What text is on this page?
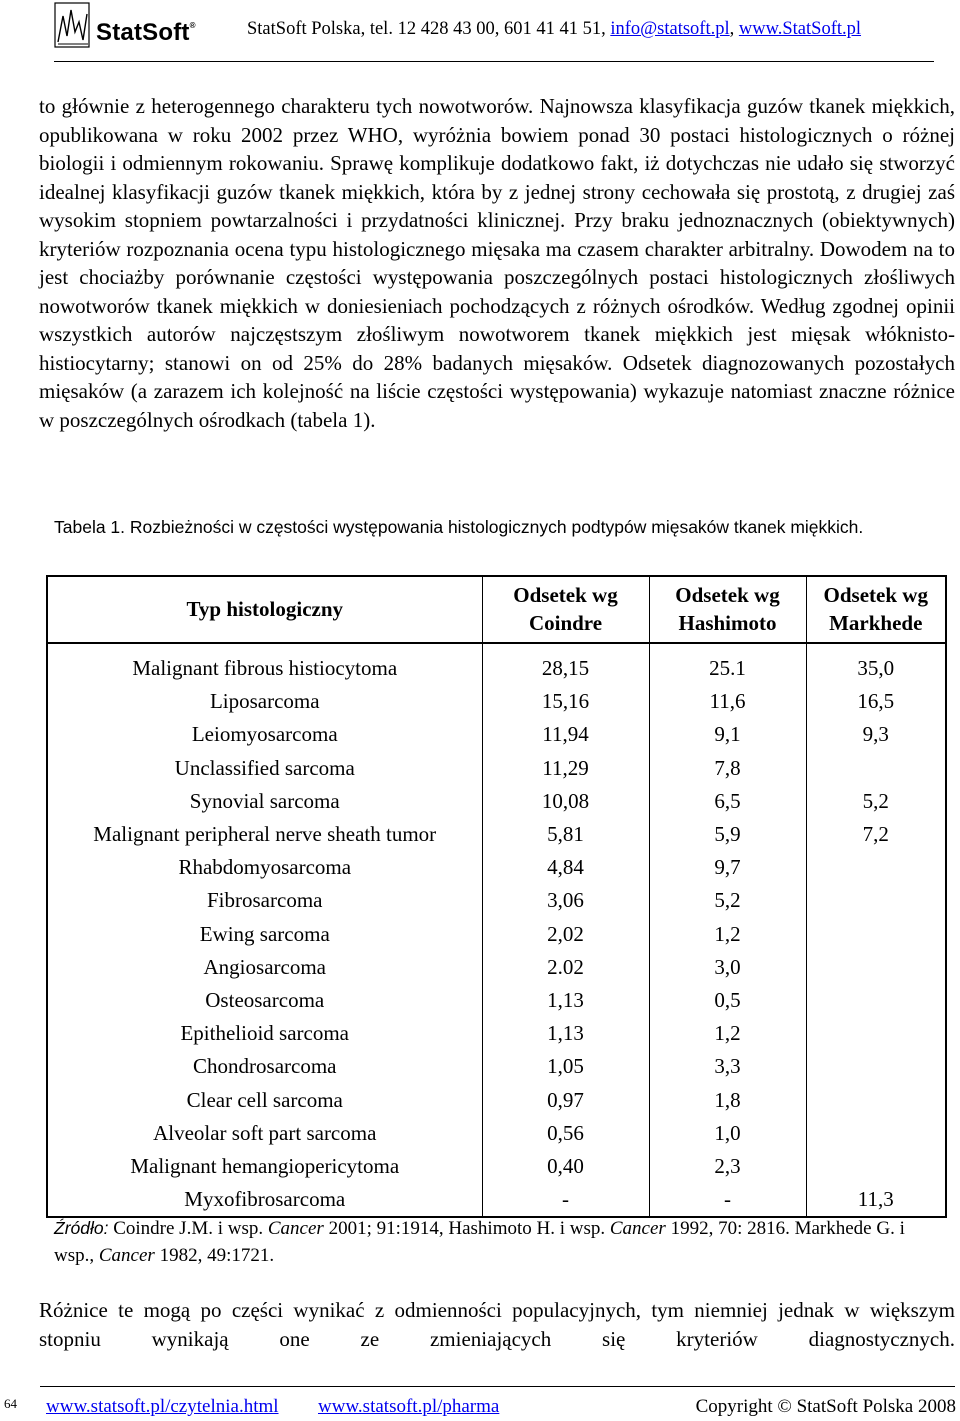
StatSoft®	StatSoft Polska, tel. 12 428 43 00, 601 41 41 51, info@statsoft.pl, www.StatSoft.pl

to głównie z heterogennego charakteru tych nowotworów. Najnowsza klasyfikacja guzów tkanek miękkich, opublikowana w roku 2002 przez WHO, wyróżnia bowiem ponad 30 postaci histologicznych o różnej biologii i odmiennym rokowaniu. Sprawę komplikuje dodatkowo fakt, iż dotychczas nie udało się stworzyć idealnej klasyfikacji guzów tkanek miękkich, która by z jednej strony cechowała się prostotą, z drugiej zaś wysokim stopniem powtarzalności i przydatności klinicznej. Przy braku jednoznacznych (obiektywnych) kryteriów rozpoznania ocena typu histologicznego mięsaka ma czasem charakter arbitralny. Dowodem na to jest chociażby porównanie częstości występowania poszczególnych postaci histologicznych złośliwych nowotworów tkanek miękkich w doniesieniach pochodzących z różnych ośrodków. Według zgodnej opinii wszystkich autorów najczęstszym złośliwym nowotworem tkanek miękkich jest mięsak włóknisto-histiocytarny; stanowi on od 25% do 28% badanych mięsaków. Odsetek diagnozowanych pozostałych mięsaków (a zarazem ich kolejność na liście częstości występowania) wykazuje natomiast znaczne różnice w poszczególnych ośrodkach (tabela 1).

Tabela 1. Rozbieżności w częstości występowania histologicznych podtypów mięsaków tkanek miękkich.
Typ histologiczny	Odsetek wg Coindre	Odsetek wg Hashimoto	Odsetek wg Markhede
Malignant fibrous histiocytoma	28,15	25.1	35,0
Liposarcoma	15,16	11,6	16,5
Leiomyosarcoma	11,94	9,1	9,3
Unclassified sarcoma	11,29	7,8	
Synovial sarcoma	10,08	6,5	5,2
Malignant peripheral nerve sheath tumor	5,81	5,9	7,2
Rhabdomyosarcoma	4,84	9,7	
Fibrosarcoma	3,06	5,2	
Ewing sarcoma	2,02	1,2	
Angiosarcoma	2.02	3,0	
Osteosarcoma	1,13	0,5	
Epithelioid sarcoma	1,13	1,2	
Chondrosarcoma	1,05	3,3	
Clear cell sarcoma	0,97	1,8	
Alveolar soft part sarcoma	0,56	1,0	
Malignant hemangiopericytoma	0,40	2,3	
Myxofibrosarcoma	-	-	11,3
Źródło: Coindre J.M. i wsp. Cancer 2001; 91:1914, Hashimoto H. i wsp. Cancer 1992, 70: 2816. Markhede G. i wsp., Cancer 1982, 49:1721.

Różnice te mogą po części wynikać z odmienności populacyjnych, tym niemniej jednak w większym stopniu wynikają one ze zmieniających się kryteriów diagnostycznych.

64 www.statsoft.pl/czytelnia.html www.statsoft.pl/pharma	Copyright © StatSoft Polska 2008
